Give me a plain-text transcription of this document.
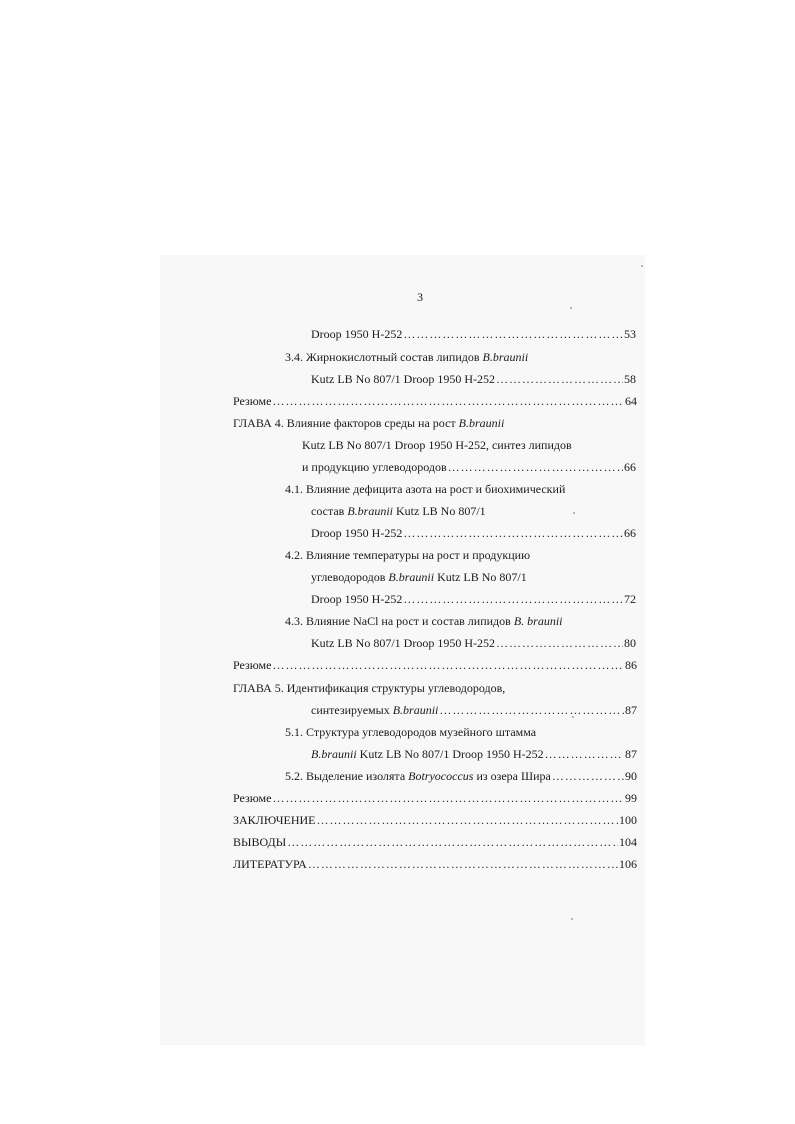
3
Droop 1950 H-252 ……………………………………………………………………………………………………………………………………………………………………	53
3.4. Жирнокислотный состав липидов B.braunii
Kutz LB No 807/1 Droop 1950 H-252 ……………………………………………………………………………………………………………………………………………………………………	58
Резюме ……………………………………………………………………………………………………………………………………………………………………	64
ГЛАВА 4. Влияние факторов среды на рост B.braunii
Kutz LB No 807/1 Droop 1950 H-252, синтез липидов
и продукцию углеводородов ……………………………………………………………………………………………………………………………………………………………………	66
4.1. Влияние дефицита азота на рост и биохимический
состав B.braunii Kutz LB No 807/1
Droop 1950 H-252 ……………………………………………………………………………………………………………………………………………………………………	66
4.2. Влияние температуры на рост и продукцию
углеводородов B.braunii Kutz LB No 807/1
Droop 1950 H-252 ……………………………………………………………………………………………………………………………………………………………………	72
4.3. Влияние NaCl на рост и состав липидов B. braunii
Kutz LB No 807/1 Droop 1950 H-252 ……………………………………………………………………………………………………………………………………………………………………	80
Резюме ……………………………………………………………………………………………………………………………………………………………………	86
ГЛАВА 5. Идентификация структуры углеводородов,
синтезируемых B.braunii ……………………………………………………………………………………………………………………………………………………………………	87
5.1. Структура углеводородов музейного штамма
B.braunii Kutz LB No 807/1 Droop 1950 H-252 ……………………………………………………………………………………………………………………………………………………………………	87
5.2. Выделение изолята Botryococcus из озера Шира ……………………………………………………………………………………………………………………………………………………………………	90
Резюме ……………………………………………………………………………………………………………………………………………………………………	99
ЗАКЛЮЧЕНИЕ ……………………………………………………………………………………………………………………………………………………………………	100
ВЫВОДЫ ……………………………………………………………………………………………………………………………………………………………………	104
ЛИТЕРАТУРА ……………………………………………………………………………………………………………………………………………………………………	106
